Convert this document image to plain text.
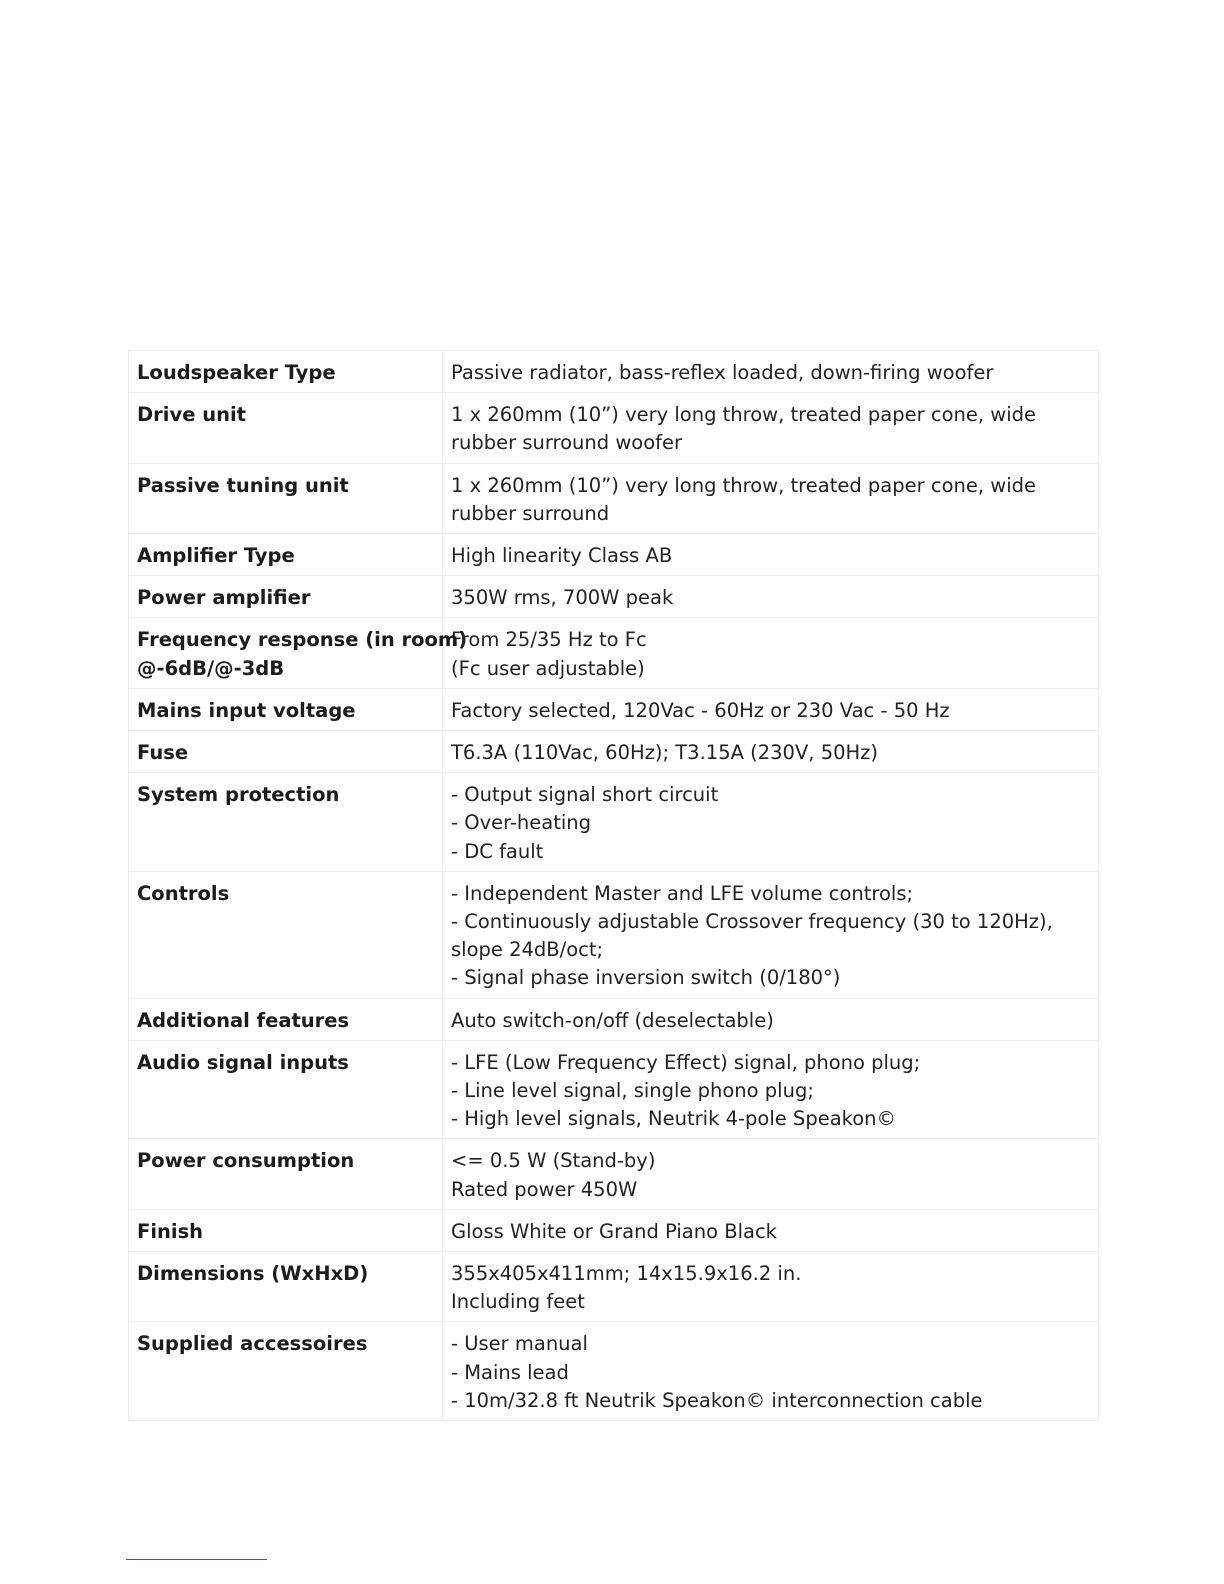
Loudspeaker Type	Passive radiator, bass-reflex loaded, down-firing woofer

Drive unit	1 x 260mm (10”) very long throw, treated paper cone, wide
rubber surround woofer

Passive tuning unit	1 x 260mm (10”) very long throw, treated paper cone, wide
rubber surround

Amplifier Type	High linearity Class AB

Power amplifier	350W rms, 700W peak

Frequency response (in room)
@-6dB/@-3dB	From 25/35 Hz to Fc
(Fc user adjustable)

Mains input voltage	Factory selected, 120Vac - 60Hz or 230 Vac - 50 Hz

Fuse	T6.3A (110Vac, 60Hz); T3.15A (230V, 50Hz)

System protection	- Output signal short circuit
- Over-heating
- DC fault

Controls	- Independent Master and LFE volume controls;
- Continuously adjustable Crossover frequency (30 to 120Hz),
slope 24dB/oct;
- Signal phase inversion switch (0/180°)

Additional features	Auto switch-on/off (deselectable)

Audio signal inputs	- LFE (Low Frequency Effect) signal, phono plug;
- Line level signal, single phono plug;
- High level signals, Neutrik 4-pole Speakon©

Power consumption	<= 0.5 W (Stand-by)
Rated power 450W

Finish	Gloss White or Grand Piano Black

Dimensions (WxHxD)	355x405x411mm; 14x15.9x16.2 in.
Including feet

Supplied accessoires	- User manual
- Mains lead
- 10m/32.8 ft Neutrik Speakon© interconnection cable
